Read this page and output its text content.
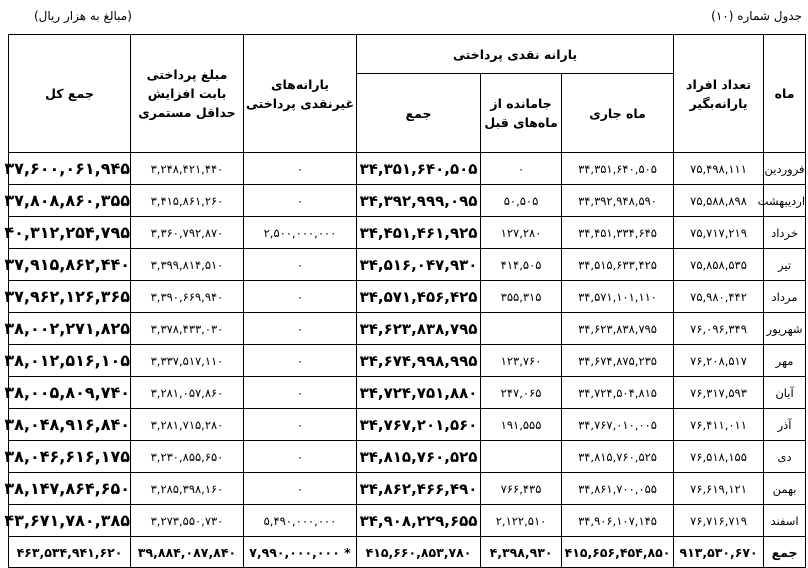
جدول شماره (۱۰)
(مبالغ به هزار ریال)
ماه	تعداد افراد یارانه‌بگیر	یارانه نقدی پرداختی			یارانه‌های غیرنقدی پرداختی	مبلغ پرداختی بابت افزایش حداقل مستمری	جمع کل
		ماه جاری	جامانده از ماه‌های قبل	جمع			
فروردین	۷۵,۴۹۸,۱۱۱	۳۴,۳۵۱,۶۴۰,۵۰۵	۰	۳۴,۳۵۱,۶۴۰,۵۰۵	۰	۳,۲۴۸,۴۲۱,۴۴۰	۳۷,۶۰۰,۰۶۱,۹۴۵
اردیبهشت	۷۵,۵۸۸,۸۹۸	۳۴,۳۹۲,۹۴۸,۵۹۰	۵۰,۵۰۵	۳۴,۳۹۲,۹۹۹,۰۹۵	۰	۳,۴۱۵,۸۶۱,۲۶۰	۳۷,۸۰۸,۸۶۰,۳۵۵
خرداد	۷۵,۷۱۷,۲۱۹	۳۴,۴۵۱,۳۳۴,۶۴۵	۱۲۷,۲۸۰	۳۴,۴۵۱,۴۶۱,۹۲۵	۲,۵۰۰,۰۰۰,۰۰۰	۳,۳۶۰,۷۹۲,۸۷۰	۴۰,۳۱۲,۲۵۴,۷۹۵
تیر	۷۵,۸۵۸,۵۳۵	۳۴,۵۱۵,۶۳۳,۴۲۵	۴۱۴,۵۰۵	۳۴,۵۱۶,۰۴۷,۹۳۰	۰	۳,۳۹۹,۸۱۴,۵۱۰	۳۷,۹۱۵,۸۶۲,۴۴۰
مرداد	۷۵,۹۸۰,۴۴۲	۳۴,۵۷۱,۱۰۱,۱۱۰	۳۵۵,۳۱۵	۳۴,۵۷۱,۴۵۶,۴۲۵	۰	۳,۳۹۰,۶۶۹,۹۴۰	۳۷,۹۶۲,۱۲۶,۳۶۵
شهریور	۷۶,۰۹۶,۳۴۹	۳۴,۶۲۳,۸۳۸,۷۹۵		۳۴,۶۲۳,۸۳۸,۷۹۵	۰	۳,۳۷۸,۴۳۳,۰۳۰	۳۸,۰۰۲,۲۷۱,۸۲۵
مهر	۷۶,۲۰۸,۵۱۷	۳۴,۶۷۴,۸۷۵,۲۳۵	۱۲۳,۷۶۰	۳۴,۶۷۴,۹۹۸,۹۹۵	۰	۳,۳۳۷,۵۱۷,۱۱۰	۳۸,۰۱۲,۵۱۶,۱۰۵
آبان	۷۶,۳۱۷,۵۹۳	۳۴,۷۲۴,۵۰۴,۸۱۵	۲۴۷,۰۶۵	۳۴,۷۲۴,۷۵۱,۸۸۰	۰	۳,۲۸۱,۰۵۷,۸۶۰	۳۸,۰۰۵,۸۰۹,۷۴۰
آذر	۷۶,۴۱۱,۰۱۱	۳۴,۷۶۷,۰۱۰,۰۰۵	۱۹۱,۵۵۵	۳۴,۷۶۷,۲۰۱,۵۶۰	۰	۳,۲۸۱,۷۱۵,۲۸۰	۳۸,۰۴۸,۹۱۶,۸۴۰
دی	۷۶,۵۱۸,۱۵۵	۳۴,۸۱۵,۷۶۰,۵۲۵		۳۴,۸۱۵,۷۶۰,۵۲۵	۰	۳,۲۳۰,۸۵۵,۶۵۰	۳۸,۰۴۶,۶۱۶,۱۷۵
بهمن	۷۶,۶۱۹,۱۲۱	۳۴,۸۶۱,۷۰۰,۰۵۵	۷۶۶,۴۳۵	۳۴,۸۶۲,۴۶۶,۴۹۰	۰	۳,۲۸۵,۳۹۸,۱۶۰	۳۸,۱۴۷,۸۶۴,۶۵۰
اسفند	۷۶,۷۱۶,۷۱۹	۳۴,۹۰۶,۱۰۷,۱۴۵	۲,۱۲۲,۵۱۰	۳۴,۹۰۸,۲۲۹,۶۵۵	۵,۴۹۰,۰۰۰,۰۰۰	۳,۲۷۳,۵۵۰,۷۳۰	۴۳,۶۷۱,۷۸۰,۳۸۵
جمع	۹۱۳,۵۳۰,۶۷۰	۴۱۵,۶۵۶,۴۵۴,۸۵۰	۴,۳۹۸,۹۳۰	۴۱۵,۶۶۰,۸۵۳,۷۸۰	* ۷,۹۹۰,۰۰۰,۰۰۰	۳۹,۸۸۴,۰۸۷,۸۴۰	۴۶۳,۵۳۴,۹۴۱,۶۲۰
